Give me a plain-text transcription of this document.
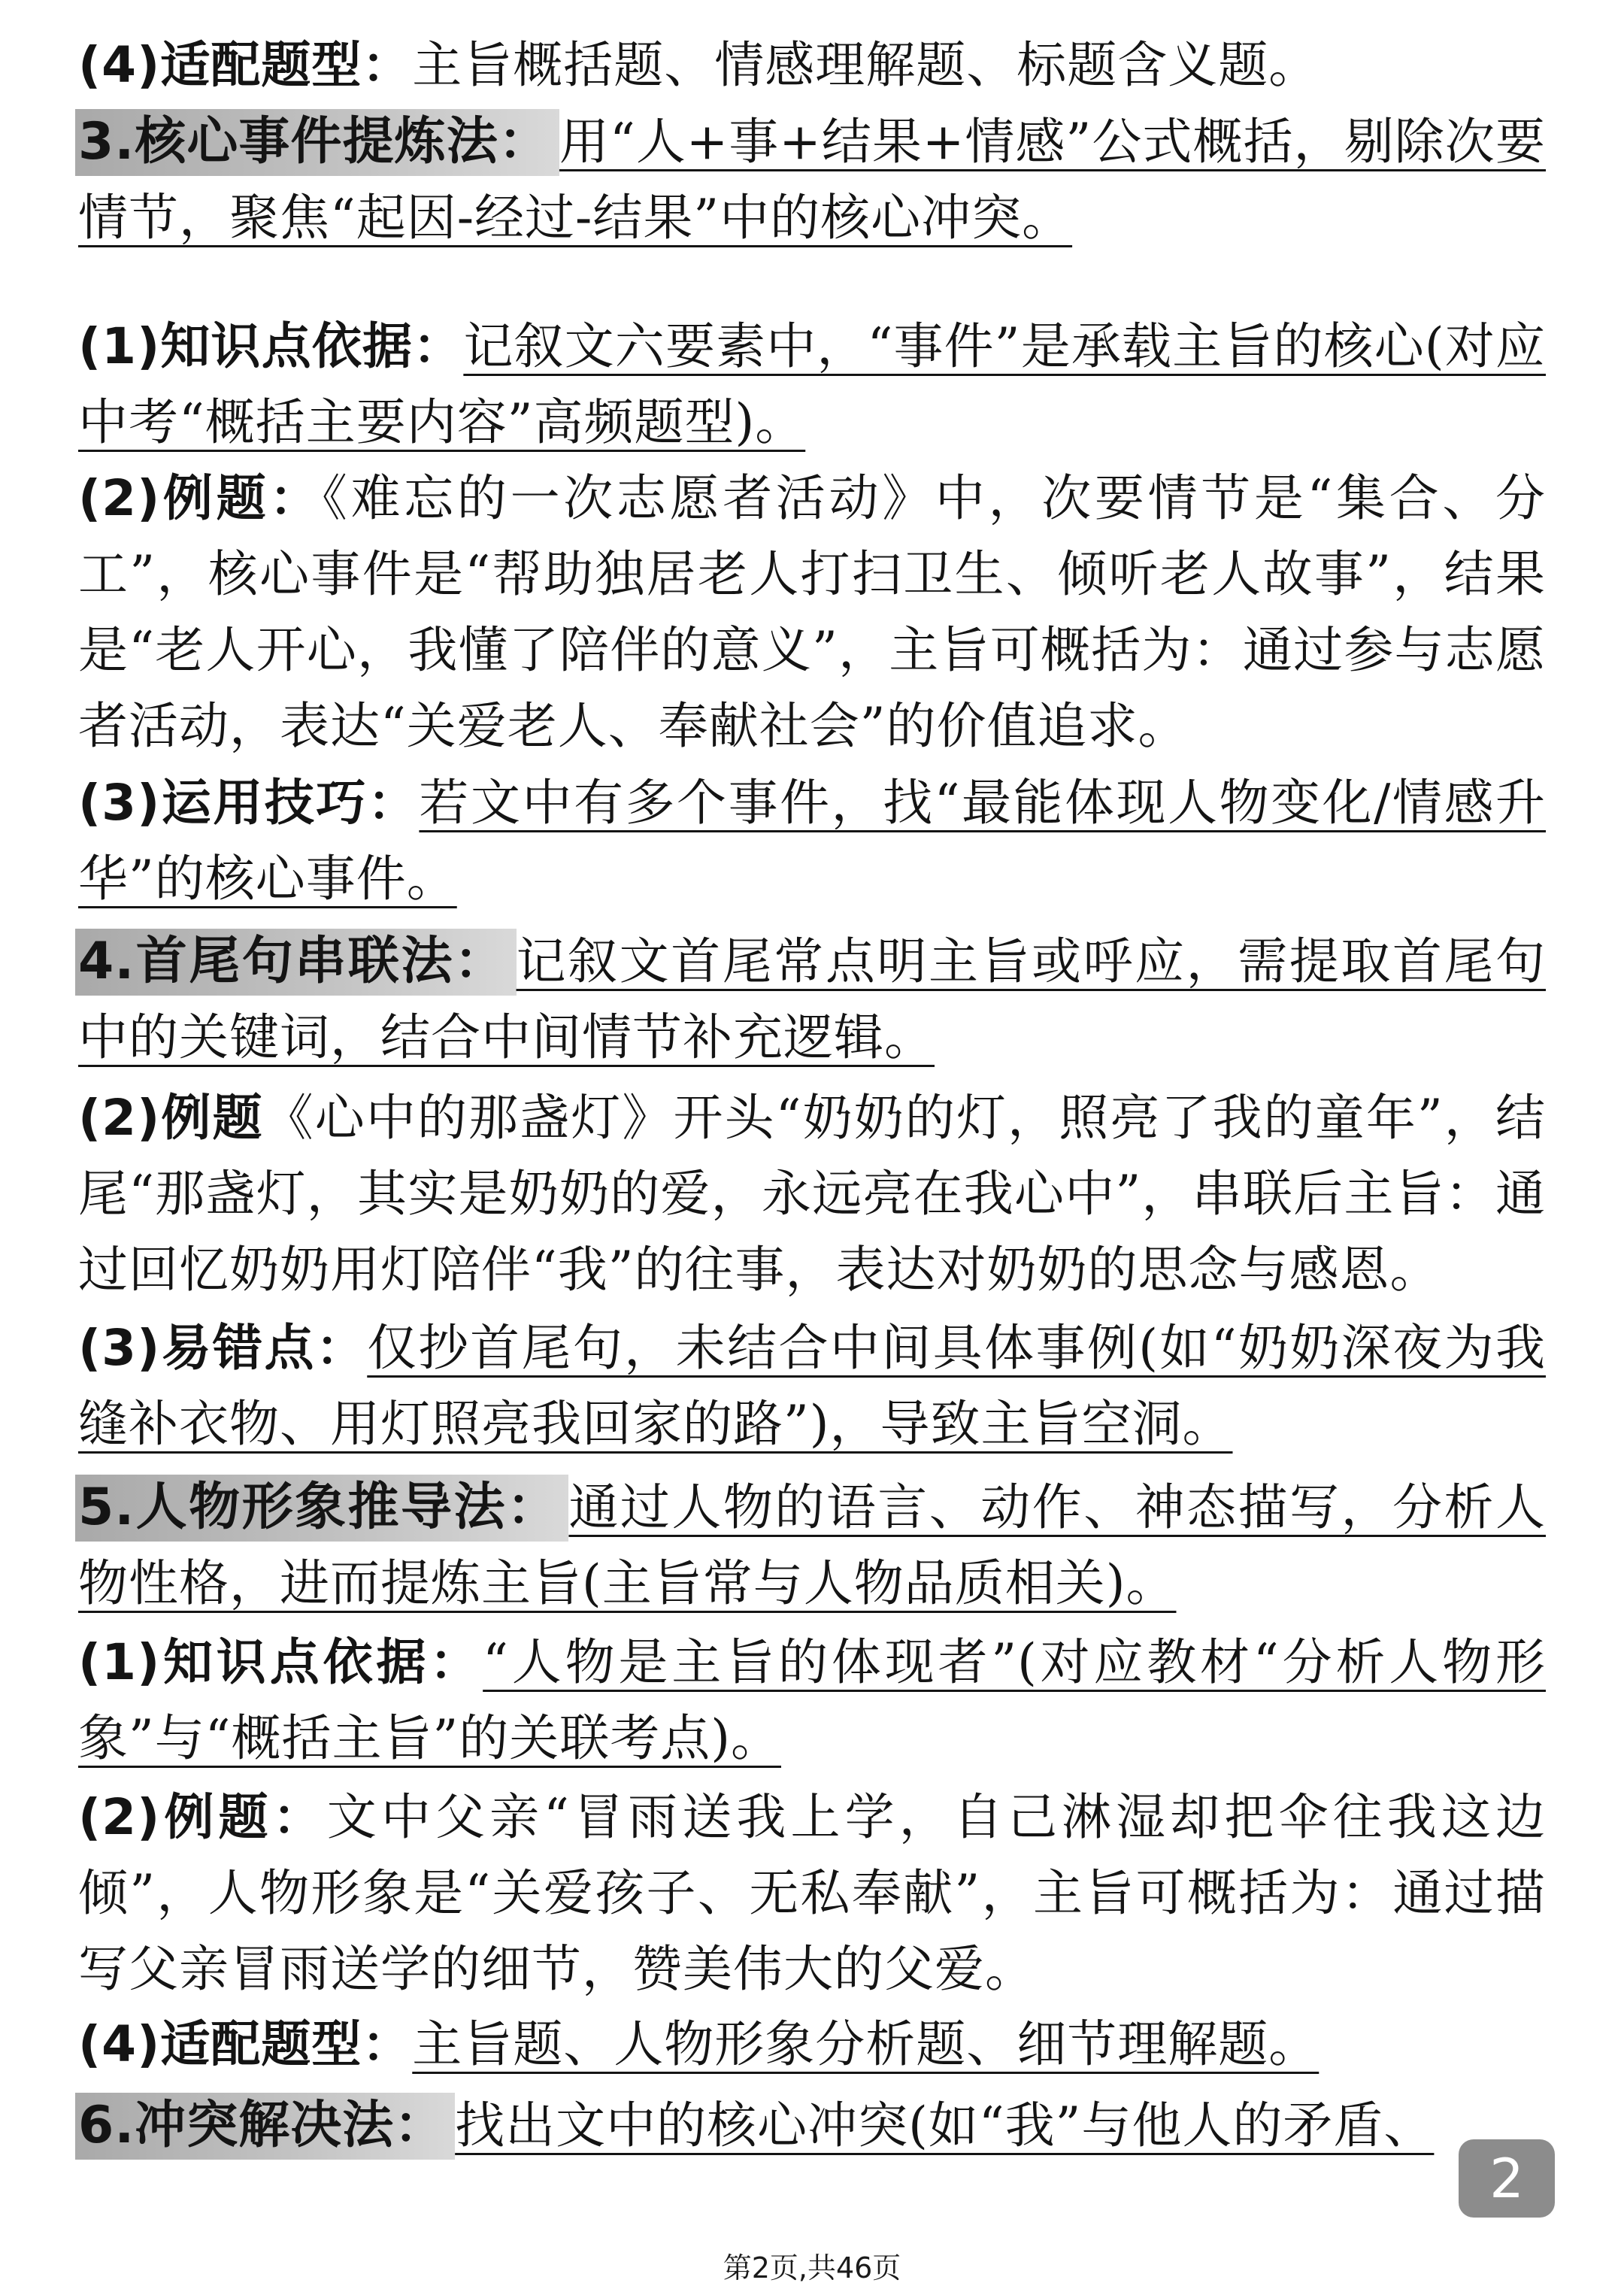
(4)适配题型：主旨概括题、情感理解题、标题含义题。
3.核心事件提炼法： 用“人+事+结果+情感”公式概括，剔除次要情节，聚焦“起因-经过-结果”中的核心冲突。
(1)知识点依据：记叙文六要素中，“事件”是承载主旨的核心(对应中考“概括主要内容”高频题型)。
(2)例题：《难忘的一次志愿者活动》中，次要情节是“集合、分工”，核心事件是“帮助独居老人打扫卫生、倾听老人故事”，结果是“老人开心，我懂了陪伴的意义”，主旨可概括为：通过参与志愿者活动，表达“关爱老人、奉献社会”的价值追求。
(3)运用技巧：若文中有多个事件，找“最能体现人物变化/情感升华”的核心事件。
4.首尾句串联法： 记叙文首尾常点明主旨或呼应，需提取首尾句中的关键词，结合中间情节补充逻辑。
(2)例题《心中的那盏灯》开头“奶奶的灯，照亮了我的童年”，结尾“那盏灯，其实是奶奶的爱，永远亮在我心中”，串联后主旨：通过回忆奶奶用灯陪伴“我”的往事，表达对奶奶的思念与感恩。
(3)易错点：仅抄首尾句，未结合中间具体事例(如“奶奶深夜为我缝补衣物、用灯照亮我回家的路”)，导致主旨空洞。
5.人物形象推导法： 通过人物的语言、动作、神态描写，分析人物性格，进而提炼主旨(主旨常与人物品质相关)。
(1)知识点依据：“人物是主旨的体现者”(对应教材“分析人物形象”与“概括主旨”的关联考点)。
(2)例题：文中父亲“冒雨送我上学，自己淋湿却把伞往我这边倾”，人物形象是“关爱孩子、无私奉献”，主旨可概括为：通过描写父亲冒雨送学的细节，赞美伟大的父爱。
(4)适配题型：主旨题、人物形象分析题、细节理解题。
6.冲突解决法： 找出文中的核心冲突(如“我”与他人的矛盾、
2
第2页,共46页
